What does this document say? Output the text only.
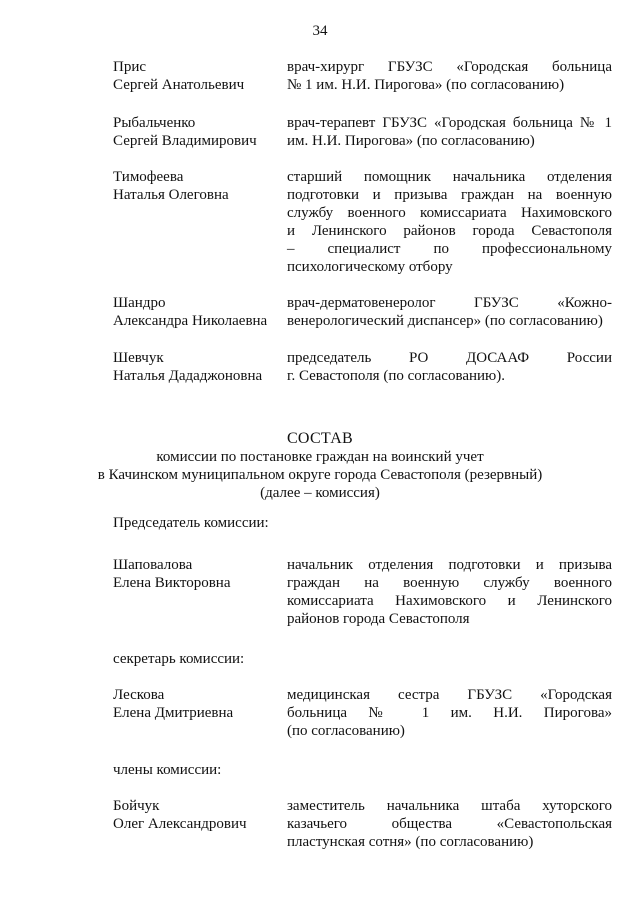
34
Прис
Сергей Анатольевич
врач-хирург ГБУЗС «Городская больница
№ 1 им. Н.И. Пирогова» (по согласованию)
Рыбальченко
Сергей Владимирович
врач-терапевт ГБУЗС «Городская больница № 1
им. Н.И. Пирогова» (по согласованию)
Тимофеева
Наталья Олеговна
старший помощник начальника отделения
подготовки и призыва граждан на военную
службу военного комиссариата Нахимовского
и Ленинского районов города Севастополя
– специалист по профессиональному
психологическому отбору
Шандро
Александра Николаевна
врач-дерматовенеролог ГБУЗС «Кожно-
венерологический диспансер» (по согласованию)
Шевчук
Наталья Дададжоновна
председатель РО ДОСААФ России
г. Севастополя (по согласованию).
СОСТАВ
комиссии по постановке граждан на воинский учет
в Качинском муниципальном округе города Севастополя (резервный)
(далее – комиссия)
Председатель комиссии:
Шаповалова
Елена Викторовна
начальник отделения подготовки и призыва
граждан на военную службу военного
комиссариата Нахимовского и Ленинского
районов города Севастополя
секретарь комиссии:
Лескова
Елена Дмитриевна
медицинская сестра ГБУЗС «Городская
больница № 1 им. Н.И. Пирогова»
(по согласованию)
члены комиссии:
Бойчук
Олег Александрович
заместитель начальника штаба хуторского
казачьего общества «Севастопольская
пластунская сотня» (по согласованию)
